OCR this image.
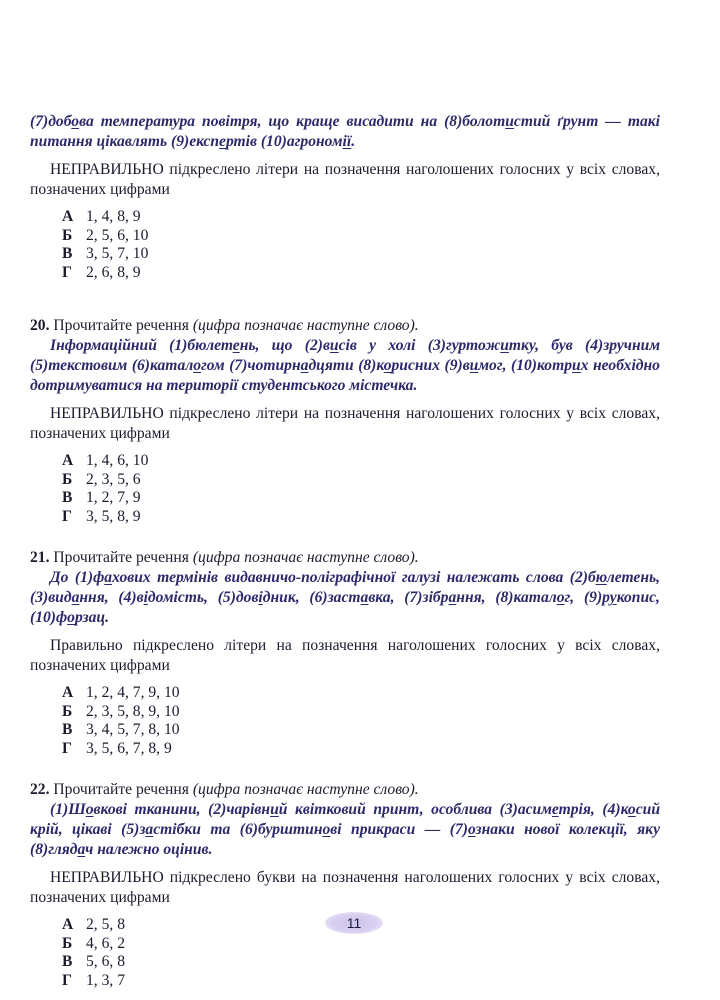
(7)добова температура повітря, що краще висадити на (8)болотистий ґрунт — такі питання цікавлять (9)експертів (10)агрономії.

НЕПРАВИЛЬНО підкреслено літери на позначення наголошених голосних у всіх словах, позначених цифрами

А 1, 4, 8, 9
Б 2, 5, 6, 10
В 3, 5, 7, 10
Г 2, 6, 8, 9

20. Прочитайте речення (цифра позначає наступне слово).

Інформаційний (1)бюлетень, що (2)висів у холі (3)гуртожитку, був (4)зручним (5)текстовим (6)каталогом (7)чотирнадцяти (8)корисних (9)вимог, (10)котрих необхідно дотримуватися на території студентського містечка.

НЕПРАВИЛЬНО підкреслено літери на позначення наголошених голосних у всіх словах, позначених цифрами

А 1, 4, 6, 10
Б 2, 3, 5, 6
В 1, 2, 7, 9
Г 3, 5, 8, 9

21. Прочитайте речення (цифра позначає наступне слово).

До (1)фахових термінів видавничо-поліграфічної галузі належать слова (2)бюлетень, (3)видання, (4)відомість, (5)довідник, (6)заставка, (7)зібрання, (8)каталог, (9)рукопис, (10)форзац.

Правильно підкреслено літери на позначення наголошених голосних у всіх словах, позначених цифрами

А 1, 2, 4, 7, 9, 10
Б 2, 3, 5, 8, 9, 10
В 3, 4, 5, 7, 8, 10
Г 3, 5, 6, 7, 8, 9

22. Прочитайте речення (цифра позначає наступне слово).

(1)Шовкові тканини, (2)чарівний квітковий принт, особлива (3)асиметрія, (4)косий крій, цікаві (5)застібки та (6)бурштинові прикраси — (7)ознаки нової колекції, яку (8)глядач належно оцінив.

НЕПРАВИЛЬНО підкреслено букви на позначення наголошених голосних у всіх словах, позначених цифрами

А 2, 5, 8
Б 4, 6, 2
В 5, 6, 8
Г 1, 3, 7
11
